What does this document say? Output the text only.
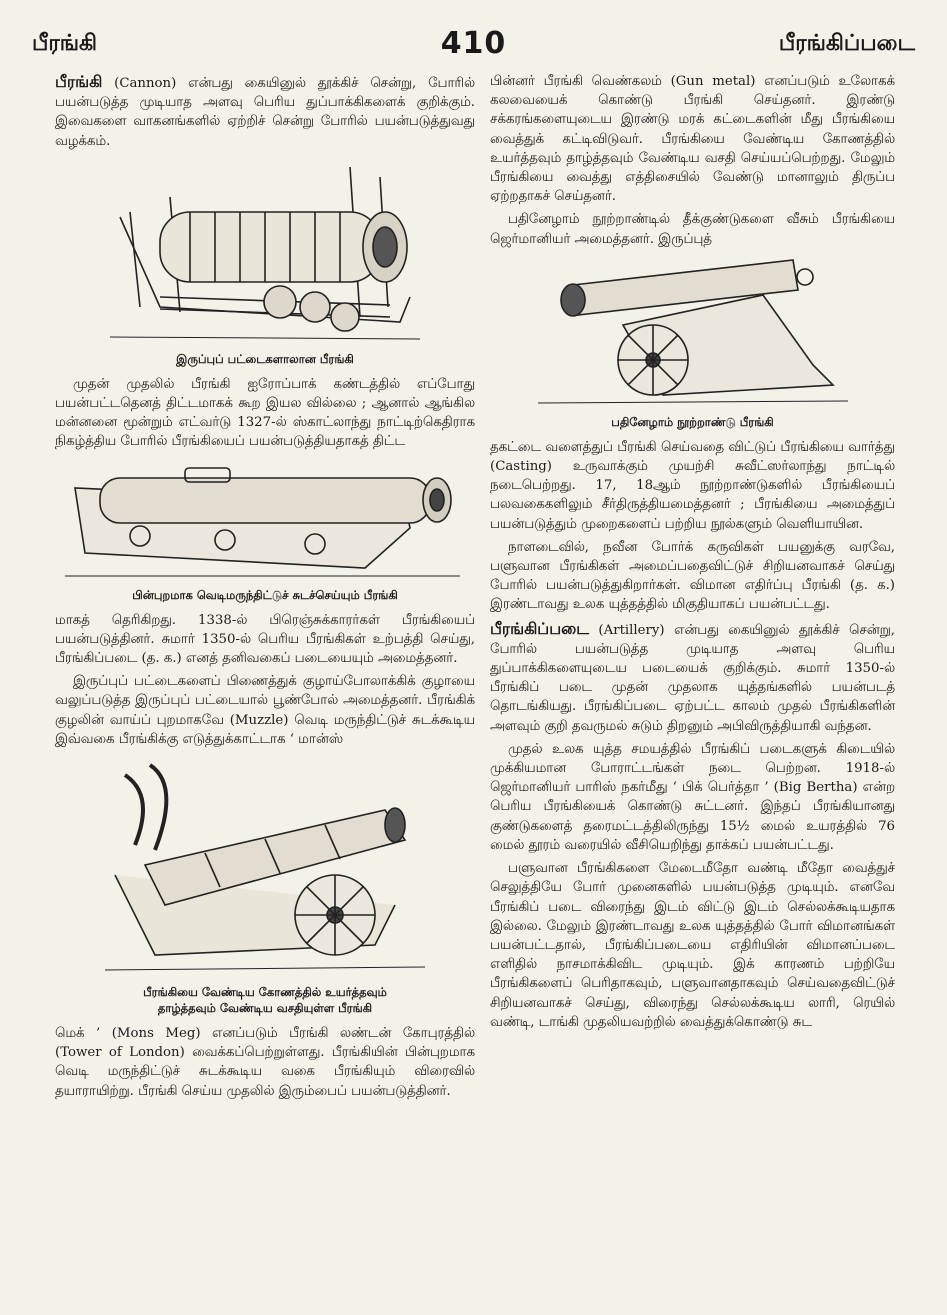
பீரங்கி	410	பீரங்கிப்படை

பீரங்கி (Cannon) என்பது கையினுல் தூக்கிச் சென்று, போரில் பயன்படுத்த முடியாத அளவு பெரிய துப்பாக்கிகளைக் குறிக்கும். இவைகளை வாகனங்களில் ஏற்றிச் சென்று போரில் பயன்படுத்துவது வழக்கம்.

இருப்புப் பட்டைகளாலான பீரங்கி

முதன் முதலில் பீரங்கி ஐரோப்பாக் கண்டத்தில் எப்போது பயன்பட்டதெனத் திட்டமாகக் கூற இயல வில்லை ; ஆனால் ஆங்கில மன்னனை மூன்றும் எட்வர்டு 1327-ல் ஸ்காட்லாந்து நாட்டிற்கெதிராக நிகழ்த்திய போரில் பீரங்கியைப் பயன்படுத்தியதாகத் திட்ட

பின்புறமாக வெடிமருந்திட்டுச் சுடச்செய்யும் பீரங்கி

மாகத் தெரிகிறது. 1338-ல் பிரெஞ்சுக்காரர்கள் பீரங்கியைப் பயன்படுத்தினர். சுமார் 1350-ல் பெரிய பீரங்கிகள் உற்பத்தி செய்து, பீரங்கிப்படை (த. க.) எனத் தனிவகைப் படையையும் அமைத்தனர்.

இருப்புப் பட்டைகளைப் பிணைத்துக் குழாய்போலாக்கிக் குழாயை வலுப்படுத்த இருப்புப் பட்டையால் பூண்போல் அமைத்தனர். பீரங்கிக் குழலின் வாய்ப் புறமாகவே (Muzzle) வெடி மருந்திட்டுச் சுடக்கூடிய இவ்வகை பீரங்கிக்கு எடுத்துக்காட்டாக ‘ மான்ஸ்

பீரங்கியை வேண்டிய கோணத்தில் உயர்த்தவும்
தாழ்த்தவும் வேண்டிய வசதியுள்ள பீரங்கி

மெக் ’ (Mons Meg) எனப்படும் பீரங்கி லண்டன் கோபுரத்தில் (Tower of London) வைக்கப்பெற்றுள்ளது. பீரங்கியின் பின்புறமாக வெடி மருந்திட்டுச் சுடக்கூடிய வகை பீரங்கியும் விரைவில் தயாராயிற்று. பீரங்கி செய்ய முதலில் இரும்பைப் பயன்படுத்தினர்.

பின்னர் பீரங்கி வெண்கலம் (Gun metal) எனப்படும் உலோகக் கலவையைக் கொண்டு பீரங்கி செய்தனர். இரண்டு சக்கரங்களையுடைய இரண்டு மரக் கட்டைகளின் மீது பீரங்கியை வைத்துக் கட்டிவிடுவர். பீரங்கியை வேண்டிய கோணத்தில் உயர்த்தவும் தாழ்த்தவும் வேண்டிய வசதி செய்யப்பெற்றது. மேலும் பீரங்கியை வைத்து எத்திசையில் வேண்டு மானாலும் திருப்ப ஏற்றதாகச் செய்தனர்.

பதினேழாம் நூற்றாண்டில் தீக்குண்டுகளை வீசும் பீரங்கியை ஜெர்மானியர் அமைத்தனர். இருப்புத்

பதினேழாம் நூற்றாண்டு பீரங்கி

தகட்டை வளைத்துப் பீரங்கி செய்வதை விட்டுப் பீரங்கியை வார்த்து (Casting) உருவாக்கும் முயற்சி சுவீட்ஸர்லாந்து நாட்டில் நடைபெற்றது. 17, 18ஆம் நூற்றாண்டுகளில் பீரங்கியைப் பலவகைகளிலும் சீர்திருத்தியமைத்தனர் ; பீரங்கியை அமைத்துப் பயன்படுத்தும் முறைகளைப் பற்றிய நூல்களும் வெளியாயின.

நாளடைவில், நவீன போர்க் கருவிகள் பயனுக்கு வரவே, பளுவான பீரங்கிகள் அமைப்பதைவிட்டுச் சிறியனவாகச் செய்து போரில் பயன்படுத்துகிறார்கள். விமான எதிர்ப்பு பீரங்கி (த. க.) இரண்டாவது உலக யுத்தத்தில் மிகுதியாகப் பயன்பட்டது.

பீரங்கிப்படை (Artillery) என்பது கையினுல் தூக்கிச் சென்று, போரில் பயன்படுத்த முடியாத அளவு பெரிய துப்பாக்கிகளையுடைய படையைக் குறிக்கும். சுமார் 1350-ல் பீரங்கிப் படை முதன் முதலாக யுத்தங்களில் பயன்படத் தொடங்கியது. பீரங்கிப்படை ஏற்பட்ட காலம் முதல் பீரங்கிகளின் அளவும் குறி தவருமல் சுடும் திறனும் அபிவிருத்தியாகி வந்தன.

முதல் உலக யுத்த சமயத்தில் பீரங்கிப் படைகளுக் கிடையில் முக்கியமான போராட்டங்கள் நடை பெற்றன. 1918-ல் ஜெர்மானியர் பாரிஸ் நகர்மீது ‘ பிக் பெர்த்தா ’ (Big Bertha) என்ற பெரிய பீரங்கியைக் கொண்டு சுட்டனர். இந்தப் பீரங்கியானது குண்டுகளைத் தரைமட்டத்திலிருந்து 15½ மைல் உயரத்தில் 76 மைல் தூரம் வரையில் வீசியெறிந்து தாக்கப் பயன்பட்டது.

பளுவான பீரங்கிகளை மேடைமீதோ வண்டி மீதோ வைத்துச் செலுத்தியே போர் முனைகளில் பயன்படுத்த முடியும். எனவே பீரங்கிப் படை விரைந்து இடம் விட்டு இடம் செல்லக்கூடியதாக இல்லை. மேலும் இரண்டாவது உலக யுத்தத்தில் போர் விமானங்கள் பயன்பட்டதால், பீரங்கிப்படையை எதிரியின் விமானப்படை எளிதில் நாசமாக்கிவிட முடியும். இக் காரணம் பற்றியே பீரங்கிகளைப் பெரிதாகவும், பளுவானதாகவும் செய்வதைவிட்டுச் சிறியனவாகச் செய்து, விரைந்து செல்லக்கூடிய லாரி, ரெயில் வண்டி, டாங்கி முதலியவற்றில் வைத்துக்கொண்டு சுட
